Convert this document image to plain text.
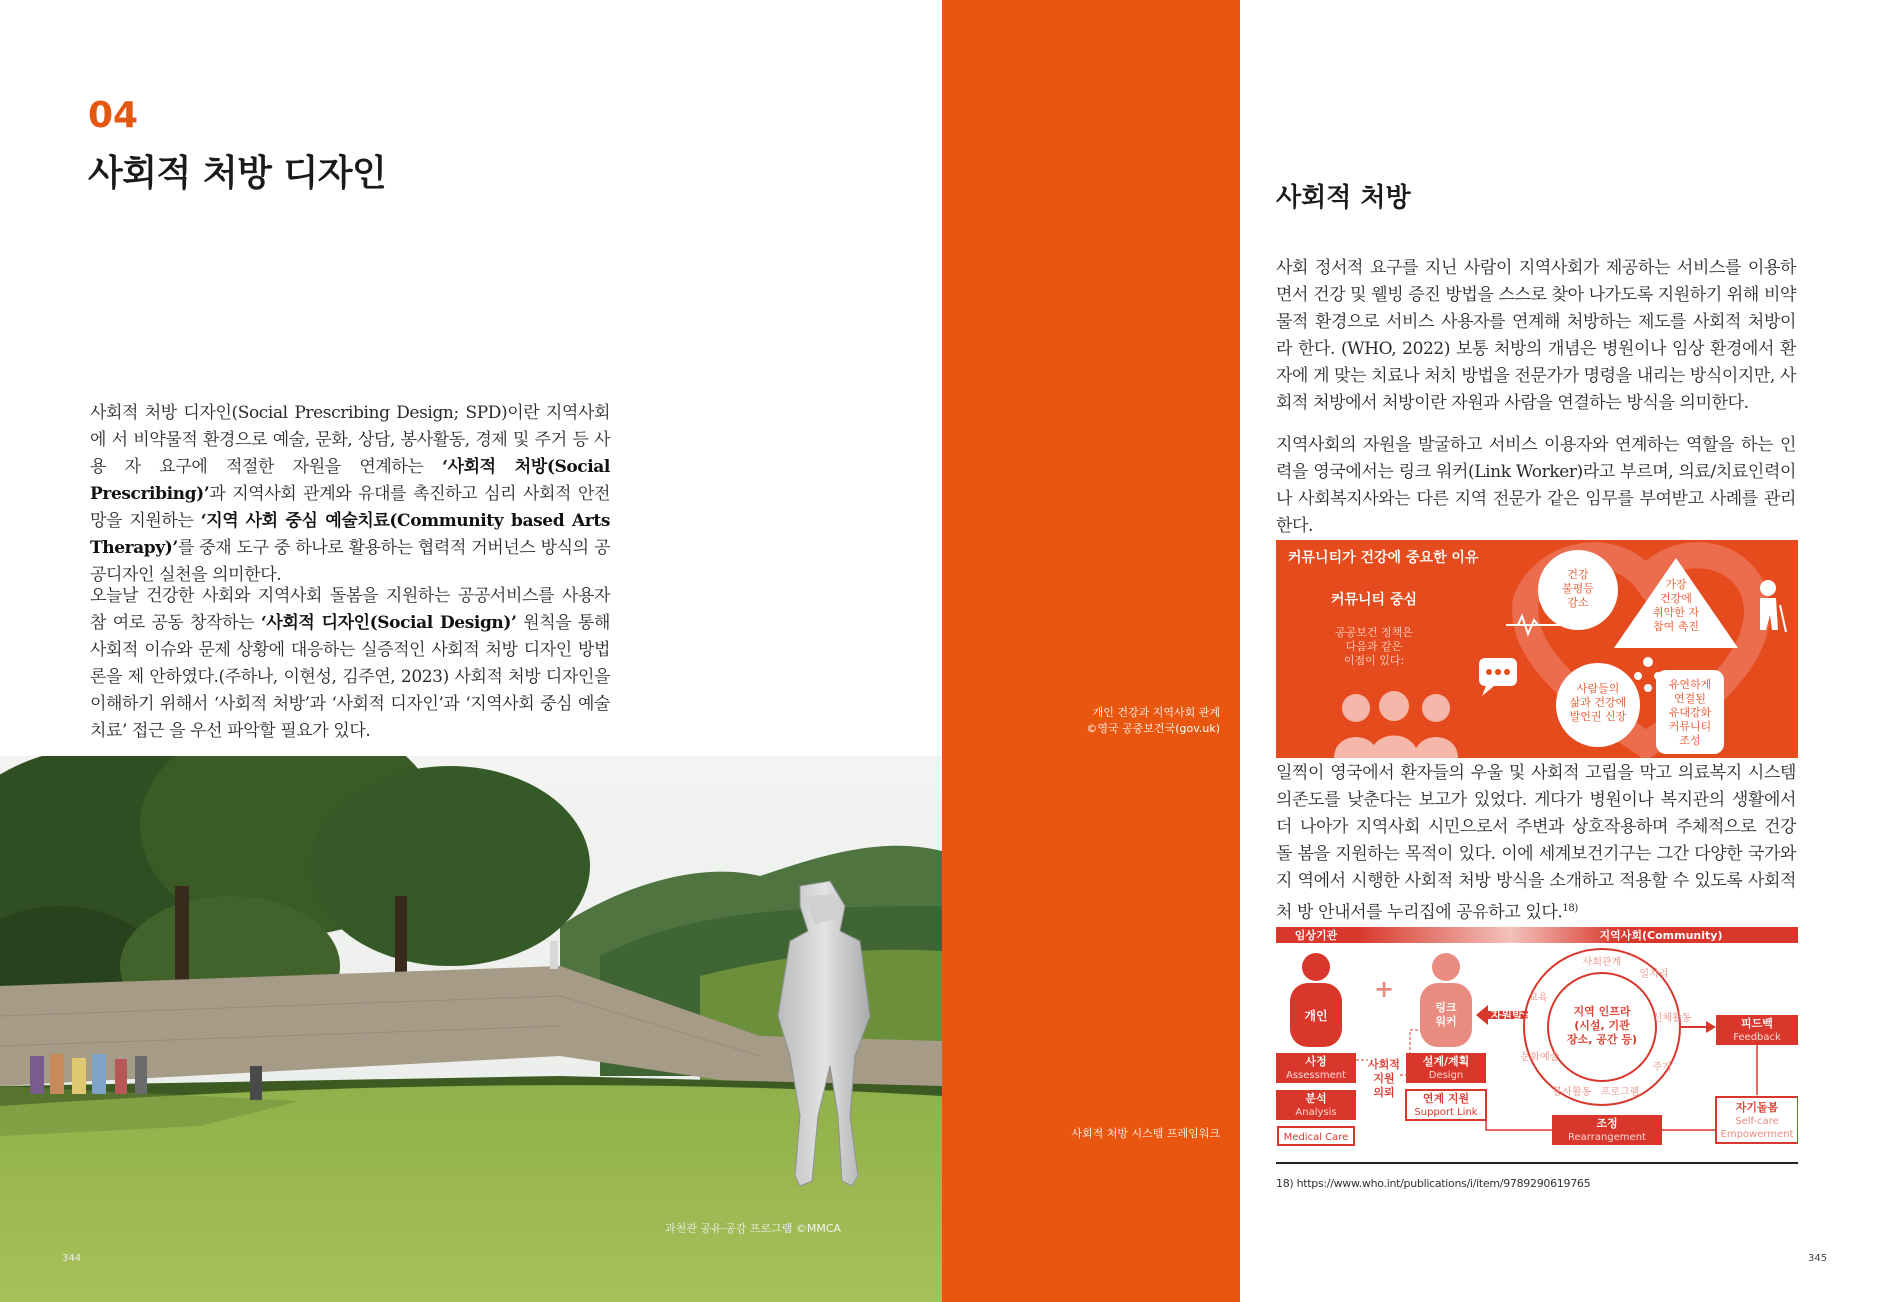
04
사회적 처방 디자인
사회적 처방 디자인(Social Prescribing Design; SPD)이란 지역사회에 서 비약물적 환경으로 예술, 문화, 상담, 봉사활동, 경제 및 주거 등 사용 자 요구에 적절한 자원을 연계하는 ‘사회적 처방(Social Prescribing)’과 지역사회 관계와 유대를 촉진하고 심리 사회적 안전망을 지원하는 ‘지역 사회 중심 예술치료(Community based Arts Therapy)’를 중재 도구 중 하나로 활용하는 협력적 거버넌스 방식의 공공디자인 실천을 의미한다.
오늘날 건강한 사회와 지역사회 돌봄을 지원하는 공공서비스를 사용자 참 여로 공동 창작하는 ‘사회적 디자인(Social Design)’ 원칙을 통해 사회적 이슈와 문제 상황에 대응하는 실증적인 사회적 처방 디자인 방법론을 제 안하였다.(주하나, 이현성, 김주연, 2023) 사회적 처방 디자인을 이해하기 위해서 ‘사회적 처방’과 ‘사회적 디자인’과 ‘지역사회 중심 예술치료’ 접근 을 우선 파악할 필요가 있다.
과천관 공유·공감 프로그램 ©MMCA
344
개인 건강과 지역사회 관계
©영국 공중보건국(gov.uk)
사회적 처방 시스템 프레임워크
사회적 처방
사회 정서적 요구를 지닌 사람이 지역사회가 제공하는 서비스를 이용하 면서 건강 및 웰빙 증진 방법을 스스로 찾아 나가도록 지원하기 위해 비약 물적 환경으로 서비스 사용자를 연계해 처방하는 제도를 사회적 처방이라 한다. (WHO, 2022) 보통 처방의 개념은 병원이나 임상 환경에서 환자에 게 맞는 치료나 처치 방법을 전문가가 명령을 내리는 방식이지만, 사회적 처방에서 처방이란 자원과 사람을 연결하는 방식을 의미한다.
지역사회의 자원을 발굴하고 서비스 이용자와 연계하는 역할을 하는 인 력을 영국에서는 링크 워커(Link Worker)라고 부르며, 의료/치료인력이 나 사회복지사와는 다른 지역 전문가 같은 임무를 부여받고 사례를 관리 한다.
커뮤니티가 건강에 중요한 이유
커뮤니티 중심
공공보건 정책은
다음과 같은
이점이 있다:
건강
불평등
감소
가장
건강에
취약한 자
참여 촉진
사람들의
삶과 건강에
발언권 신장
유연하게
연결된
유대강화
커뮤니티
조성
일찍이 영국에서 환자들의 우울 및 사회적 고립을 막고 의료복지 시스템 의존도를 낮춘다는 보고가 있었다. 게다가 병원이나 복지관의 생활에서 더 나아가 지역사회 시민으로서 주변과 상호작용하며 주체적으로 건강 돌 봄을 지원하는 목적이 있다. 이에 세계보건기구는 그간 다양한 국가와 지 역에서 시행한 사회적 처방 방식을 소개하고 적용할 수 있도록 사회적 처 방 안내서를 누리집에 공유하고 있다.$^{18)}$
임상기관	지역사회(Community)
개인
+
링크
워커	자원발굴
사정
Assessment
분석
Analysis
Medical Care
사회적
지원
의뢰
설계/계획
Design
연계 지원
Support Link
사회관계
일자리
신체활동
주거
프로그램
봉사활동
문화예술
교육
지역 인프라
(시설, 기관
장소, 공간 등)
조정
Rearrangement
피드백
Feedback
자기돌봄
Self-care
Empowerment
18) https://www.who.int/publications/i/item/9789290619765
345
